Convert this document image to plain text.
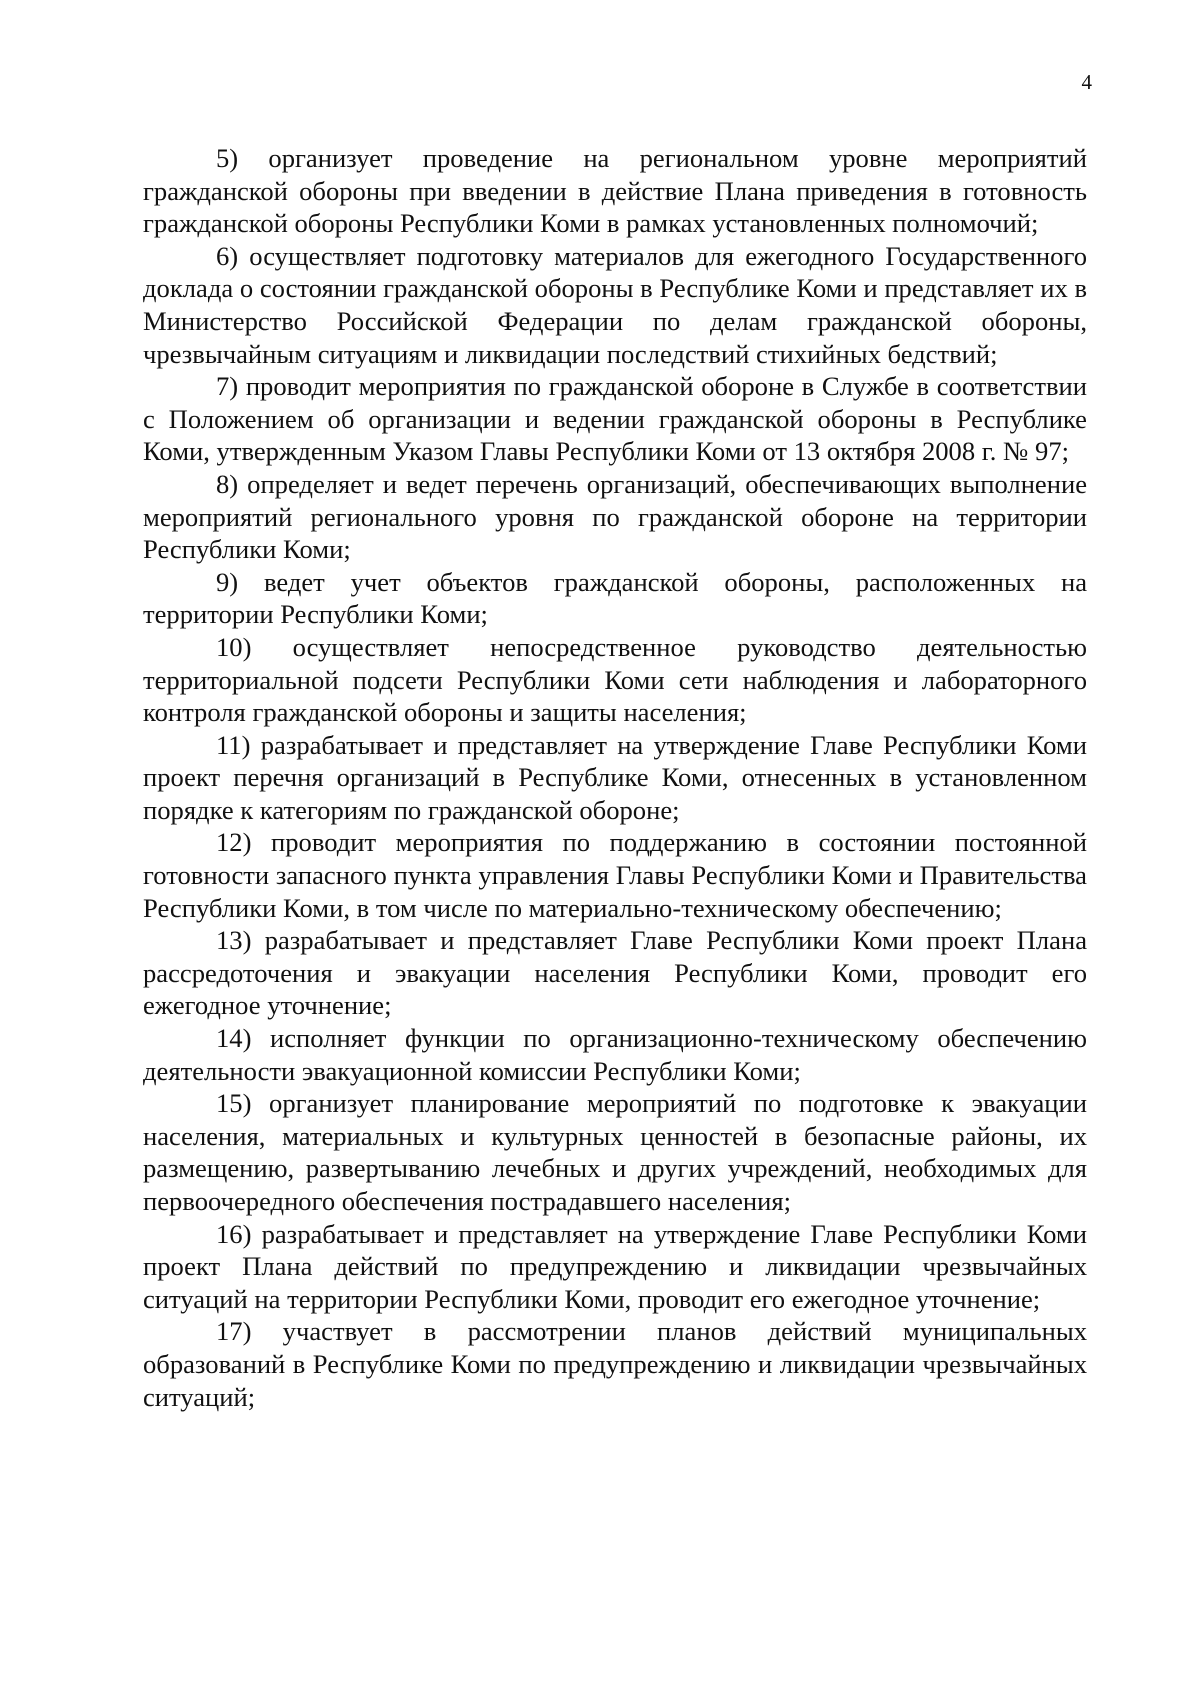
4

5) организует проведение на региональном уровне мероприятий гражданской обороны при введении в действие Плана приведения в готовность гражданской обороны Республики Коми в рамках установленных полномочий;

6) осуществляет подготовку материалов для ежегодного Государственного доклада о состоянии гражданской обороны в Республике Коми и представляет их в Министерство Российской Федерации по делам гражданской обороны, чрезвычайным ситуациям и ликвидации последствий стихийных бедствий;

7) проводит мероприятия по гражданской обороне в Службе в соответствии с Положением об организации и ведении гражданской обороны в Республике Коми, утвержденным Указом Главы Республики Коми от 13 октября 2008 г. № 97;

8) определяет и ведет перечень организаций, обеспечивающих выполнение мероприятий регионального уровня по гражданской обороне на территории Республики Коми;

9) ведет учет объектов гражданской обороны, расположенных на территории Республики Коми;

10) осуществляет непосредственное руководство деятельностью территориальной подсети Республики Коми сети наблюдения и лабораторного контроля гражданской обороны и защиты населения;

11) разрабатывает и представляет на утверждение Главе Республики Коми проект перечня организаций в Республике Коми, отнесенных в установленном порядке к категориям по гражданской обороне;

12) проводит мероприятия по поддержанию в состоянии постоянной готовности запасного пункта управления Главы Республики Коми и Правительства Республики Коми, в том числе по материально-техническому обеспечению;

13) разрабатывает и представляет Главе Республики Коми проект Плана рассредоточения и эвакуации населения Республики Коми, проводит его ежегодное уточнение;

14) исполняет функции по организационно-техническому обеспечению деятельности эвакуационной комиссии Республики Коми;

15) организует планирование мероприятий по подготовке к эвакуации населения, материальных и культурных ценностей в безопасные районы, их размещению, развертыванию лечебных и других учреждений, необходимых для первоочередного обеспечения пострадавшего населения;

16) разрабатывает и представляет на утверждение Главе Республики Коми проект Плана действий по предупреждению и ликвидации чрезвычайных ситуаций на территории Республики Коми, проводит его ежегодное уточнение;

17) участвует в рассмотрении планов действий муниципальных образований в Республике Коми по предупреждению и ликвидации чрезвычайных ситуаций;
